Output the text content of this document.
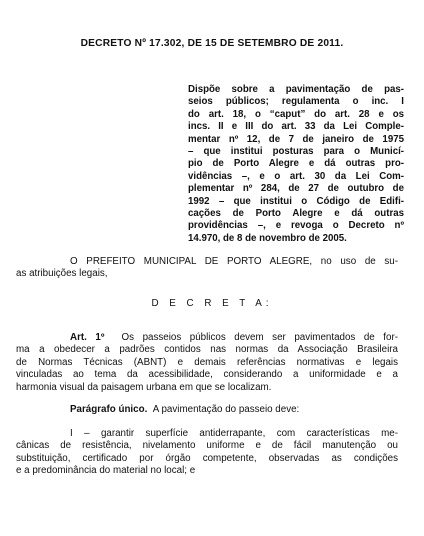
DECRETO Nº 17.302, DE 15 DE SETEMBRO DE 2011.
Dispõe sobre a pavimentação de pas-
seios públicos; regulamenta o inc. I
do art. 18, o “caput” do art. 28 e os
incs. II e III do art. 33 da Lei Comple-
mentar nº 12, de 7 de janeiro de 1975
– que institui posturas para o Municí-
pio de Porto Alegre e dá outras pro-
vidências –, e o art. 30 da Lei Com-
plementar nº 284, de 27 de outubro de
1992 – que institui o Código de Edifi-
cações de Porto Alegre e dá outras
providências –, e revoga o Decreto nº
14.970, de 8 de novembro de 2005.
O PREFEITO MUNICIPAL DE PORTO ALEGRE, no uso de su-
as atribuições legais,
D E C R E T A:
Art. 1º Os passeios públicos devem ser pavimentados de for-
ma a obedecer a padrões contidos nas normas da Associação Brasileira
de Normas Técnicas (ABNT) e demais referências normativas e legais
vinculadas ao tema da acessibilidade, considerando a uniformidade e a
harmonia visual da paisagem urbana em que se localizam.
Parágrafo único. A pavimentação do passeio deve:
I – garantir superfície antiderrapante, com características me-
cânicas de resistência, nivelamento uniforme e de fácil manutenção ou
substituição, certificado por órgão competente, observadas as condições
e a predominância do material no local; e
